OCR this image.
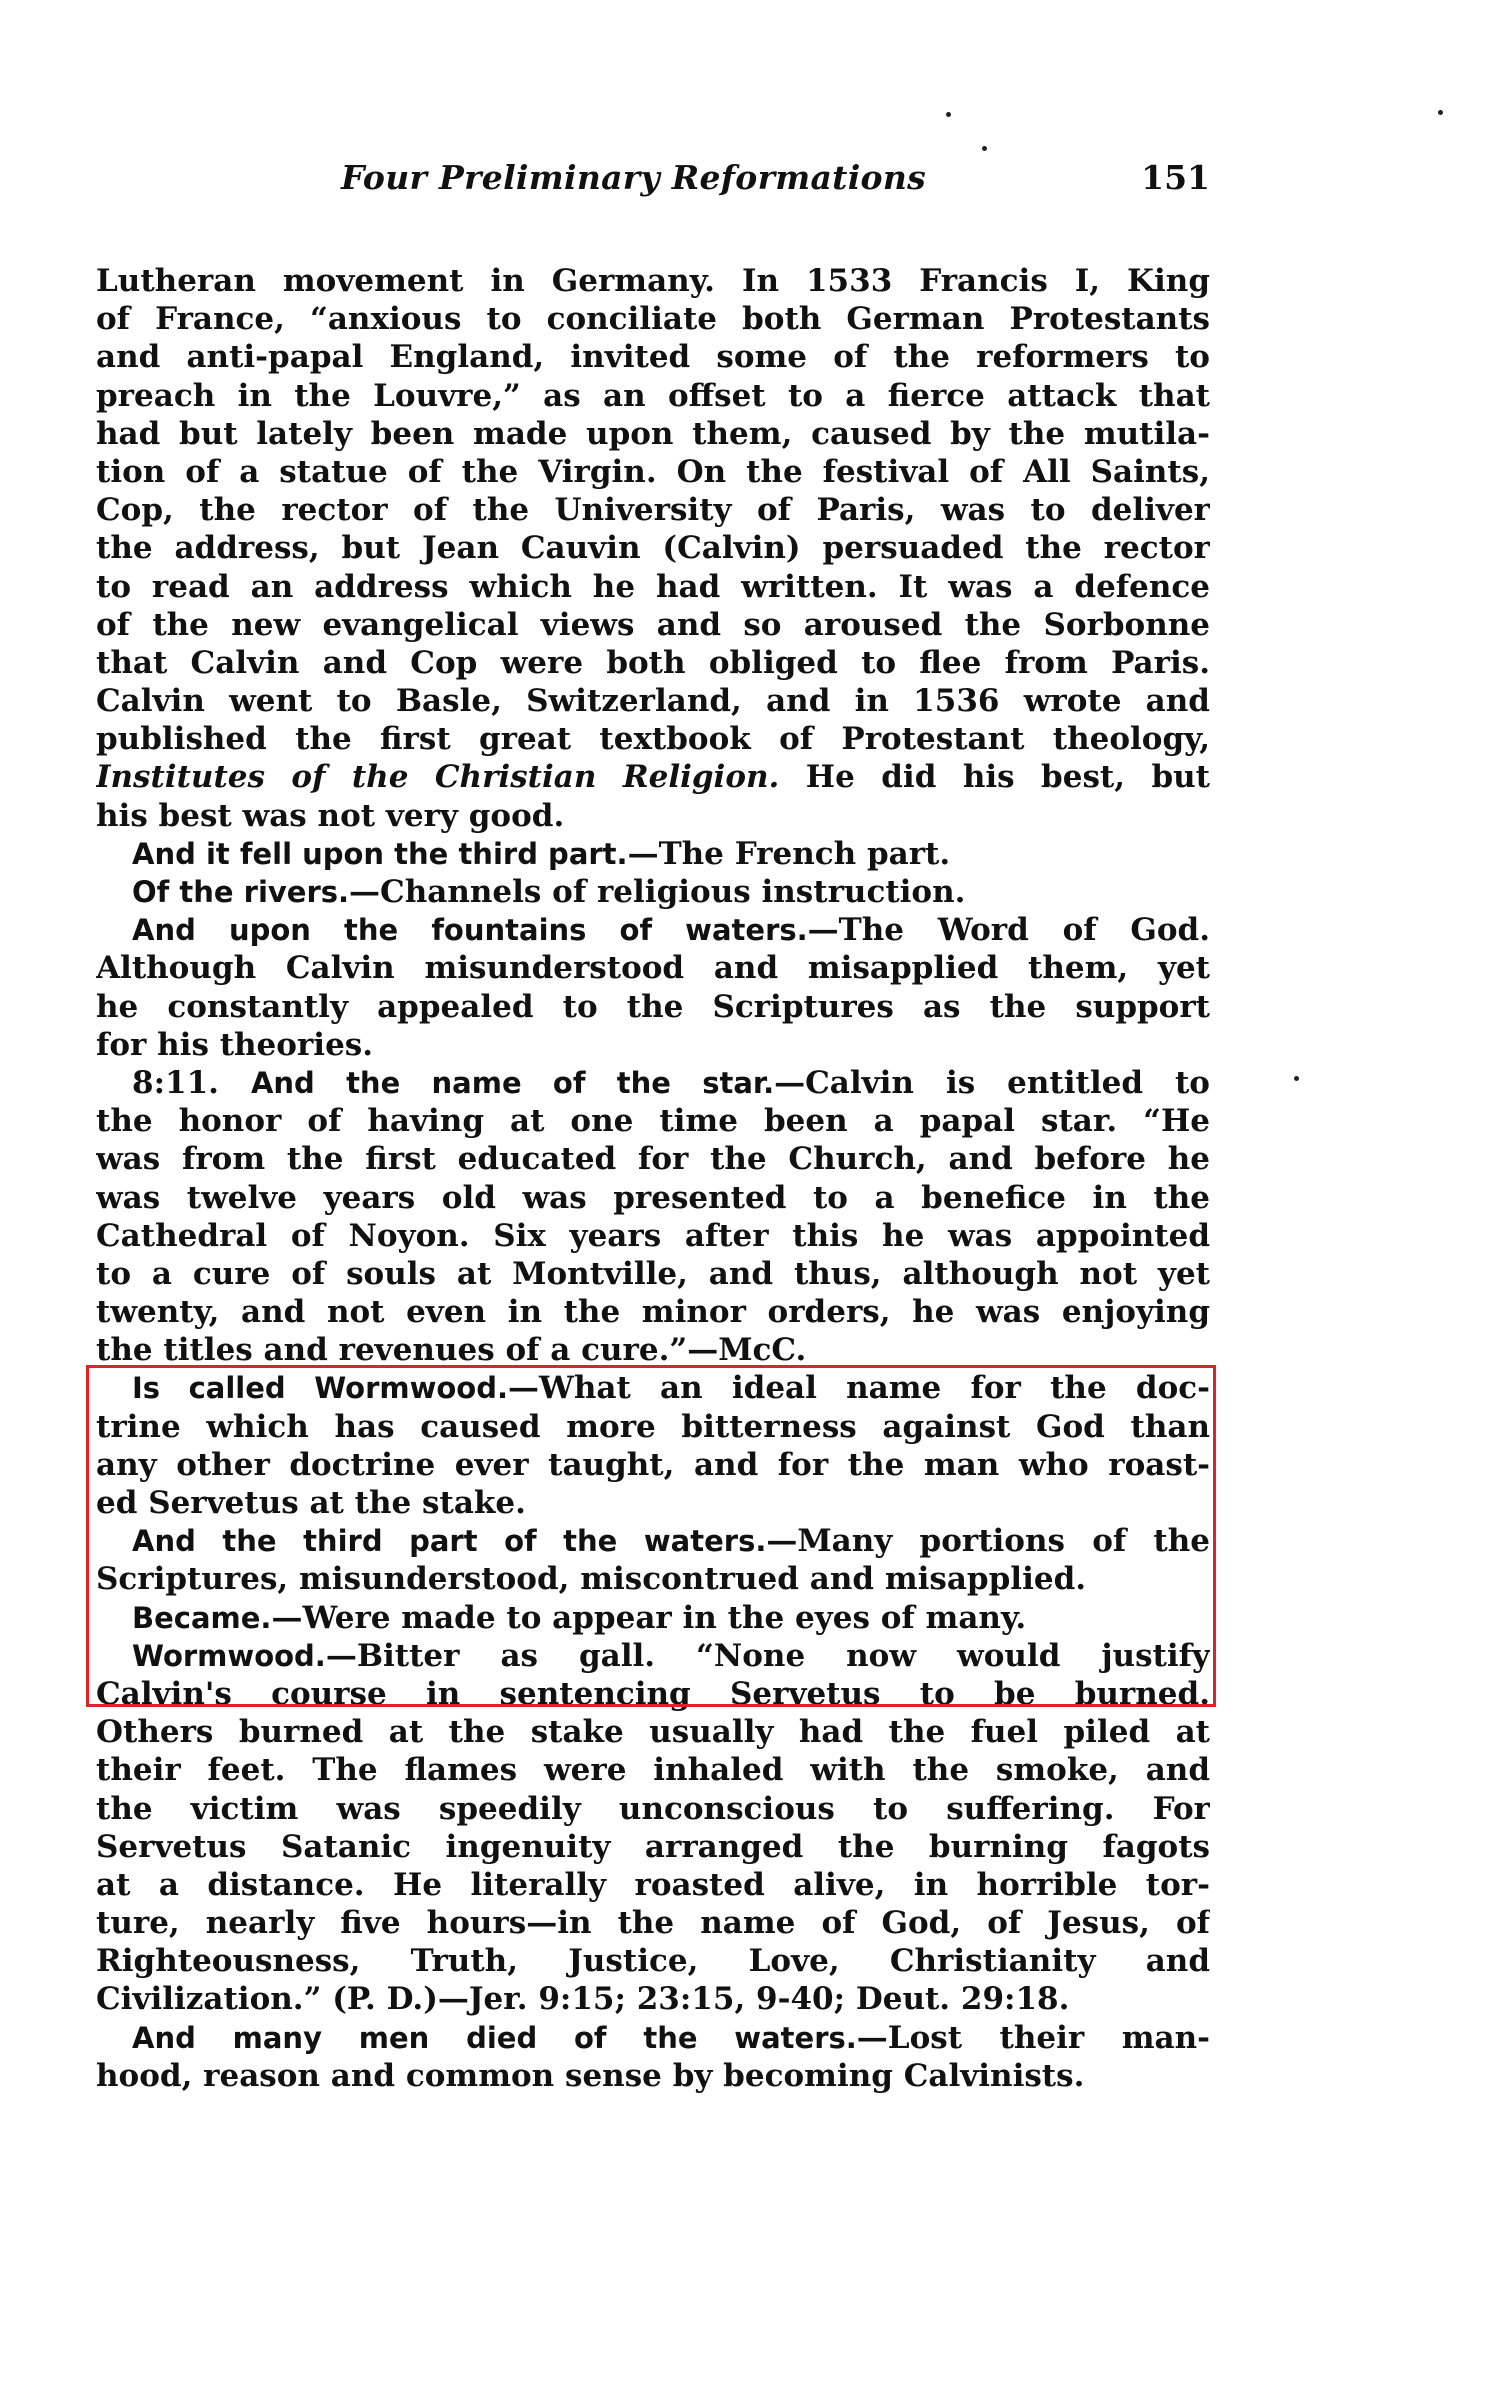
Four Preliminary Reformations	151
Lutheran movement in Germany. In 1533 Francis I, King
of France, “anxious to conciliate both German Protestants
and anti-papal England, invited some of the reformers to
preach in the Louvre,” as an offset to a fierce attack that
had but lately been made upon them, caused by the mutila-
tion of a statue of the Virgin. On the festival of All Saints,
Cop, the rector of the University of Paris, was to deliver
the address, but Jean Cauvin (Calvin) persuaded the rector
to read an address which he had written. It was a defence
of the new evangelical views and so aroused the Sorbonne
that Calvin and Cop were both obliged to flee from Paris.
Calvin went to Basle, Switzerland, and in 1536 wrote and
published the first great textbook of Protestant theology,
Institutes of the Christian Religion. He did his best, but
his best was not very good.
And it fell upon the third part.—The French part.
Of the rivers.—Channels of religious instruction.
And upon the fountains of waters.—The Word of God.
Although Calvin misunderstood and misapplied them, yet
he constantly appealed to the Scriptures as the support
for his theories.
8:11. And the name of the star.—Calvin is entitled to
the honor of having at one time been a papal star. “He
was from the first educated for the Church, and before he
was twelve years old was presented to a benefice in the
Cathedral of Noyon. Six years after this he was appointed
to a cure of souls at Montville, and thus, although not yet
twenty, and not even in the minor orders, he was enjoying
the titles and revenues of a cure.”—McC.
Is called Wormwood.—What an ideal name for the doc-
trine which has caused more bitterness against God than
any other doctrine ever taught, and for the man who roast-
ed Servetus at the stake.
And the third part of the waters.—Many portions of the
Scriptures, misunderstood, miscontrued and misapplied.
Became.—Were made to appear in the eyes of many.
Wormwood.—Bitter as gall. “None now would justify
Calvin's course in sentencing Servetus to be burned.
Others burned at the stake usually had the fuel piled at
their feet. The flames were inhaled with the smoke, and
the victim was speedily unconscious to suffering. For
Servetus Satanic ingenuity arranged the burning fagots
at a distance. He literally roasted alive, in horrible tor-
ture, nearly five hours—in the name of God, of Jesus, of
Righteousness, Truth, Justice, Love, Christianity and
Civilization.” (P. D.)—Jer. 9:15; 23:15, 9-40; Deut. 29:18.
And many men died of the waters.—Lost their man-
hood, reason and common sense by becoming Calvinists.
